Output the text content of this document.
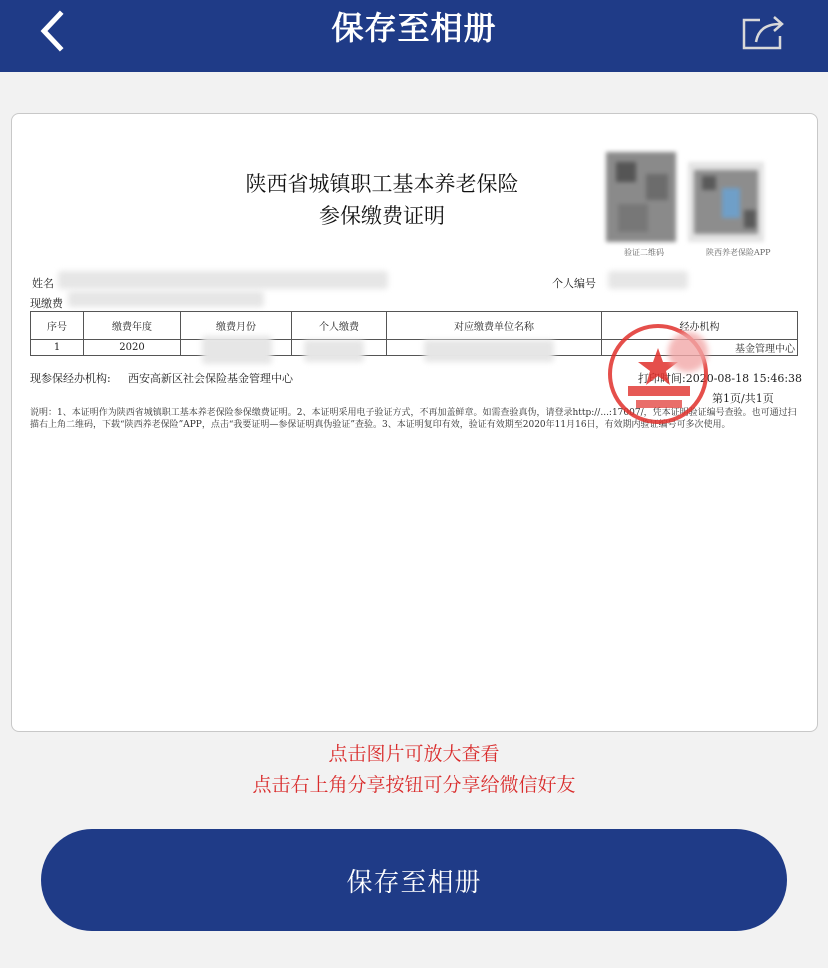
保存至相册
陕西省城镇职工基本养老保险
参保缴费证明
验证二维码	陕西养老保险APP
姓名	个人编号
现缴费
序号	缴费年度	缴费月份	个人缴费	对应缴费单位名称	经办机构
1	2020				基金管理中心
现参保经办机构: 西安高新区社会保险基金管理中心	打印时间:2020-08-18 15:46:38
第1页/共1页
说明：1、本证明作为陕西省城镇职工基本养老保险参保缴费证明。2、本证明采用电子验证方式，不再加盖鲜章。如需查验真伪，请登录http://...:17007/，凭本证明验证编号查验。也可通过扫描右上角二维码，下载“陕西养老保险”APP，点击“我要证明—参保证明真伪验证”查验。3、本证明复印有效，验证有效期至2020年11月16日，有效期内验证编号可多次使用。
点击图片可放大查看
点击右上角分享按钮可分享给微信好友
保存至相册
